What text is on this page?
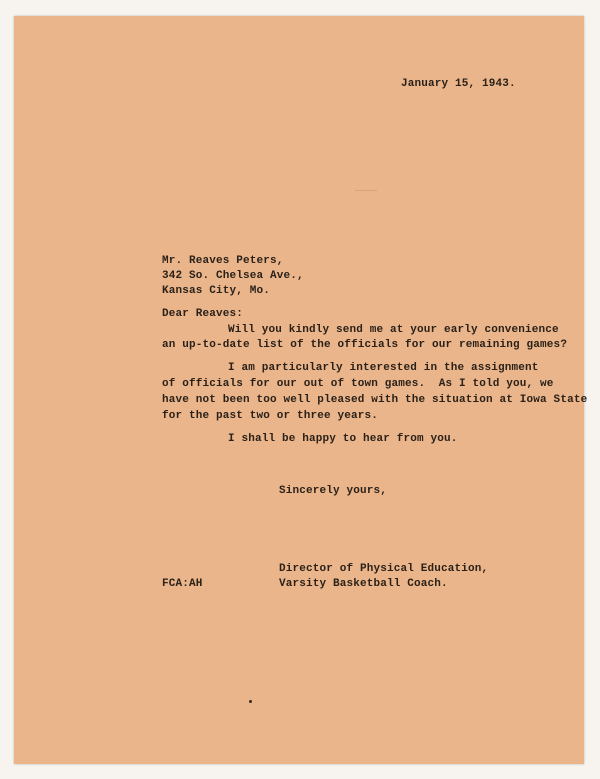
January 15, 1943.

Mr. Reaves Peters,

342 So. Chelsea Ave.,

Kansas City, Mo.

Dear Reaves:

Will you kindly send me at your early convenience

an up-to-date list of the officials for our remaining games?

I am particularly interested in the assignment

of officials for our out of town games.  As I told you, we

have not been too well pleased with the situation at Iowa State

for the past two or three years.

I shall be happy to hear from you.

Sincerely yours,

Director of Physical Education,

Varsity Basketball Coach.

FCA:AH
